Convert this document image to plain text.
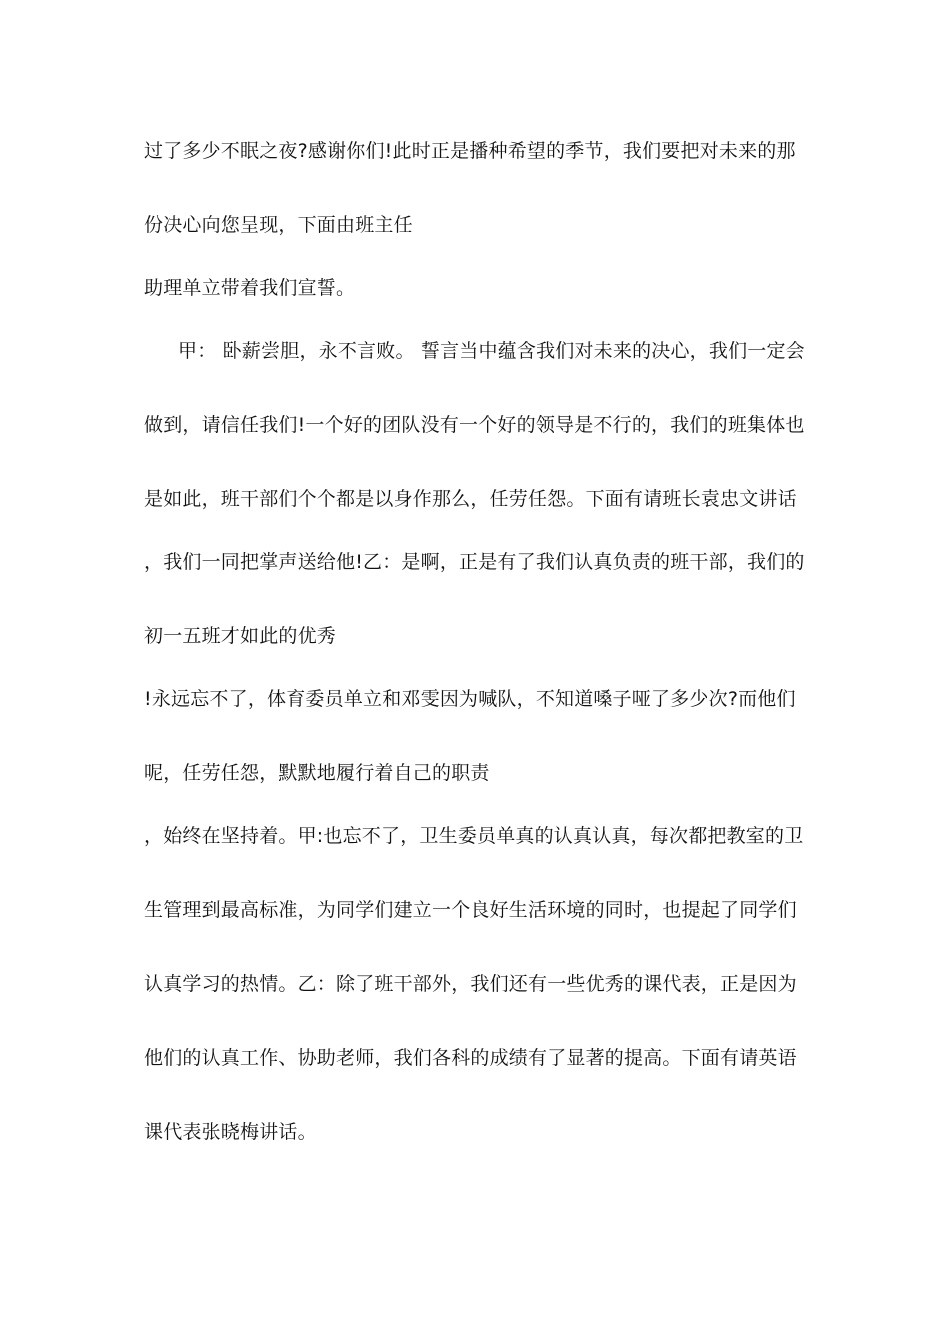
过了多少不眠之夜?感谢你们!此时正是播种希望的季节，我们要把对未来的那
份决心向您呈现，下面由班主任
助理单立带着我们宣誓。
甲： 卧薪尝胆，永不言败。 誓言当中蕴含我们对未来的决心，我们一定会
做到，请信任我们!一个好的团队没有一个好的领导是不行的，我们的班集体也
是如此，班干部们个个都是以身作那么，任劳任怨。下面有请班长袁忠文讲话
，我们一同把掌声送给他!乙：是啊，正是有了我们认真负责的班干部，我们的
初一五班才如此的优秀
!永远忘不了，体育委员单立和邓雯因为喊队，不知道嗓子哑了多少次?而他们
呢，任劳任怨，默默地履行着自己的职责
，始终在坚持着。甲:也忘不了，卫生委员单真的认真认真，每次都把教室的卫
生管理到最高标准，为同学们建立一个良好生活环境的同时，也提起了同学们
认真学习的热情。乙：除了班干部外，我们还有一些优秀的课代表，正是因为
他们的认真工作、协助老师，我们各科的成绩有了显著的提高。下面有请英语
课代表张晓梅讲话。
